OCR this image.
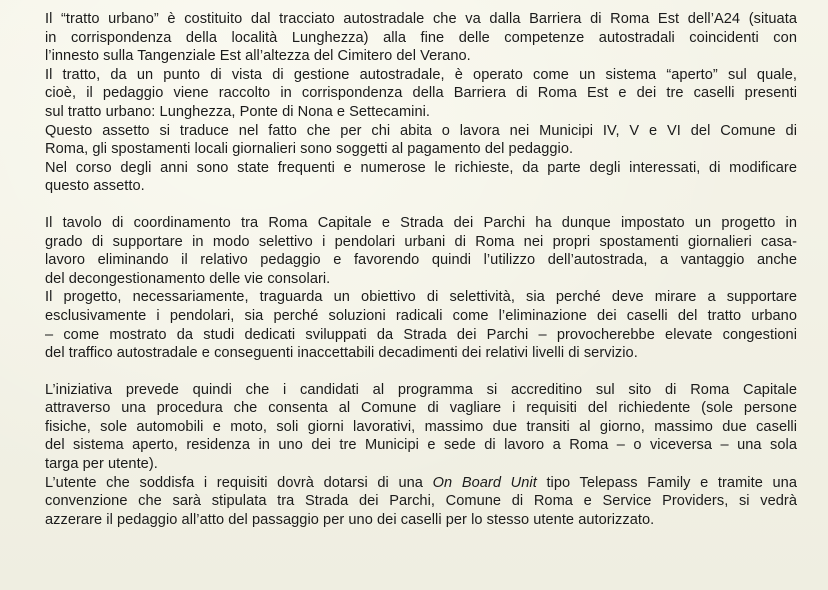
Il “tratto urbano” è costituito dal tracciato autostradale che va dalla Barriera di Roma Est dell’A24 (situata
in corrispondenza della località Lunghezza) alla fine delle competenze autostradali coincidenti con
l’innesto sulla Tangenziale Est all’altezza del Cimitero del Verano.

Il tratto, da un punto di vista di gestione autostradale, è operato come un sistema “aperto” sul quale,
cioè, il pedaggio viene raccolto in corrispondenza della Barriera di Roma Est e dei tre caselli presenti
sul tratto urbano: Lunghezza, Ponte di Nona e Settecamini.

Questo assetto si traduce nel fatto che per chi abita o lavora nei Municipi IV, V e VI del Comune di
Roma, gli spostamenti locali giornalieri sono soggetti al pagamento del pedaggio.

Nel corso degli anni sono state frequenti e numerose le richieste, da parte degli interessati, di modificare
questo assetto.

Il tavolo di coordinamento tra Roma Capitale e Strada dei Parchi ha dunque impostato un progetto in
grado di supportare in modo selettivo i pendolari urbani di Roma nei propri spostamenti giornalieri casa-
lavoro eliminando il relativo pedaggio e favorendo quindi l’utilizzo dell’autostrada, a vantaggio anche
del decongestionamento delle vie consolari.

Il progetto, necessariamente, traguarda un obiettivo di selettività, sia perché deve mirare a supportare
esclusivamente i pendolari, sia perché soluzioni radicali come l’eliminazione dei caselli del tratto urbano
– come mostrato da studi dedicati sviluppati da Strada dei Parchi – provocherebbe elevate congestioni
del traffico autostradale e conseguenti inaccettabili decadimenti dei relativi livelli di servizio.

L’iniziativa prevede quindi che i candidati al programma si accreditino sul sito di Roma Capitale
attraverso una procedura che consenta al Comune di vagliare i requisiti del richiedente (sole persone
fisiche, sole automobili e moto, soli giorni lavorativi, massimo due transiti al giorno, massimo due caselli
del sistema aperto, residenza in uno dei tre Municipi e sede di lavoro a Roma – o viceversa – una sola
targa per utente).

L’utente che soddisfa i requisiti dovrà dotarsi di una On Board Unit tipo Telepass Family e tramite una
convenzione che sarà stipulata tra Strada dei Parchi, Comune di Roma e Service Providers, si vedrà
azzerare il pedaggio all’atto del passaggio per uno dei caselli per lo stesso utente autorizzato.
